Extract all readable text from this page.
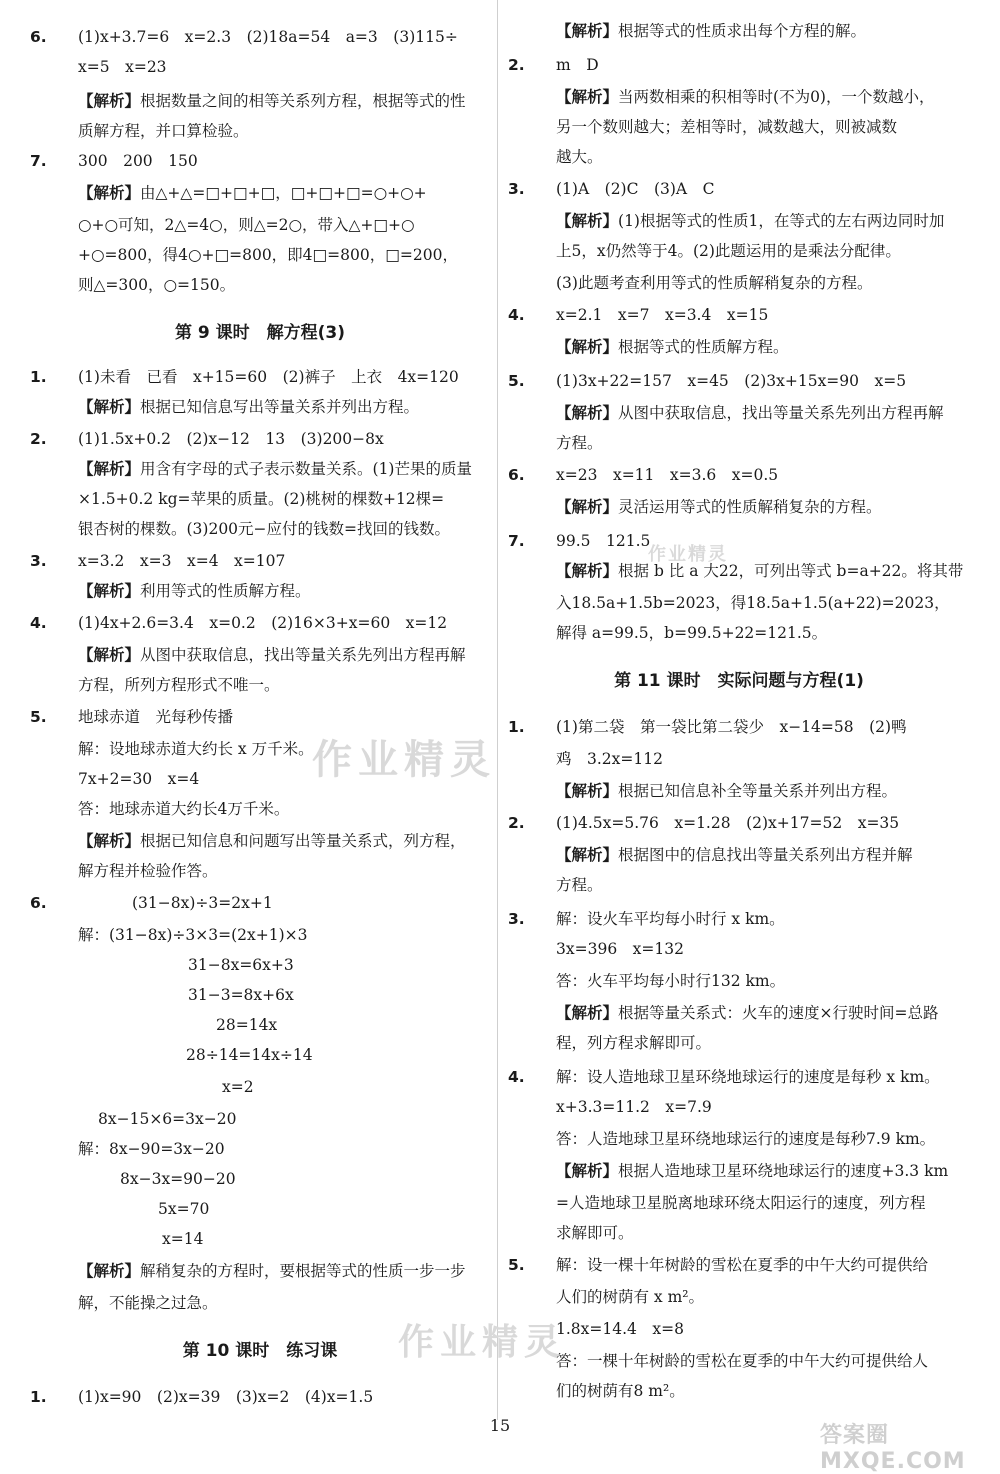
6. (1)x+3.7=6　x=2.3　(2)18a=54　a=3　(3)115÷
x=5　x=23
【解析】根据数量之间的相等关系列方程，根据等式的性
质解方程，并口算检验。
7. 300　200　150
【解析】由△+△=□+□+□，□+□+□=○+○+
○+○可知，2△=4○，则△=2○，带入△+□+○
+○=800，得4○+□=800，即4□=800，□=200，
则△=300，○=150。
第 9 课时　解方程(3)
1. (1)未看　已看　x+15=60　(2)裤子　上衣　4x=120
【解析】根据已知信息写出等量关系并列出方程。
2. (1)1.5x+0.2　(2)x−12　13　(3)200−8x
【解析】用含有字母的式子表示数量关系。(1)芒果的质量
×1.5+0.2 kg=苹果的质量。(2)桃树的棵数+12棵=
银杏树的棵数。(3)200元−应付的钱数=找回的钱数。
3. x=3.2　x=3　x=4　x=107
【解析】利用等式的性质解方程。
4. (1)4x+2.6=3.4　x=0.2　(2)16×3+x=60　x=12
【解析】从图中获取信息，找出等量关系先列出方程再解
方程，所列方程形式不唯一。
5. 地球赤道　光每秒传播
解：设地球赤道大约长 x 万千米。
7x+2=30　x=4
答：地球赤道大约长4万千米。
【解析】根据已知信息和问题写出等量关系式，列方程，
解方程并检验作答。
6.	(31−8x)÷3=2x+1
解：(31−8x)÷3×3=(2x+1)×3
31−8x=6x+3
31−3=8x+6x
28=14x
28÷14=14x÷14
x=2
8x−15×6=3x−20
解：8x−90=3x−20
8x−3x=90−20
5x=70
x=14
【解析】解稍复杂的方程时，要根据等式的性质一步一步
解，不能操之过急。
第 10 课时　练习课
1. (1)x=90　(2)x=39　(3)x=2　(4)x=1.5
【解析】根据等式的性质求出每个方程的解。
2. m　D
【解析】当两数相乘的积相等时(不为0)，一个数越小，
另一个数则越大；差相等时，减数越大，则被减数
越大。
3. (1)A　(2)C　(3)A　C
【解析】(1)根据等式的性质1，在等式的左右两边同时加
上5，x仍然等于4。(2)此题运用的是乘法分配律。
(3)此题考查利用等式的性质解稍复杂的方程。
4. x=2.1　x=7　x=3.4　x=15
【解析】根据等式的性质解方程。
5. (1)3x+22=157　x=45　(2)3x+15x=90　x=5
【解析】从图中获取信息，找出等量关系先列出方程再解
方程。
6. x=23　x=11　x=3.6　x=0.5
【解析】灵活运用等式的性质解稍复杂的方程。
7. 99.5　121.5
【解析】根据 b 比 a 大22，可列出等式 b=a+22。将其带
入18.5a+1.5b=2023，得18.5a+1.5(a+22)=2023，
解得 a=99.5，b=99.5+22=121.5。
第 11 课时　实际问题与方程(1)
1. (1)第二袋　第一袋比第二袋少　x−14=58　(2)鸭
鸡　3.2x=112
【解析】根据已知信息补全等量关系并列出方程。
2. (1)4.5x=5.76　x=1.28　(2)x+17=52　x=35
【解析】根据图中的信息找出等量关系列出方程并解
方程。
3. 解：设火车平均每小时行 x km。
3x=396　x=132
答：火车平均每小时行132 km。
【解析】根据等量关系式：火车的速度×行驶时间=总路
程，列方程求解即可。
4. 解：设人造地球卫星环绕地球运行的速度是每秒 x km。
x+3.3=11.2　x=7.9
答：人造地球卫星环绕地球运行的速度是每秒7.9 km。
【解析】根据人造地球卫星环绕地球运行的速度+3.3 km
=人造地球卫星脱离地球环绕太阳运行的速度，列方程
求解即可。
5. 解：设一棵十年树龄的雪松在夏季的中午大约可提供给
人们的树荫有 x m²。
1.8x=14.4　x=8
答：一棵十年树龄的雪松在夏季的中午大约可提供给人
们的树荫有8 m²。
作业精灵
作业精灵
作业精灵
答案圈 MXQE.COM
15
